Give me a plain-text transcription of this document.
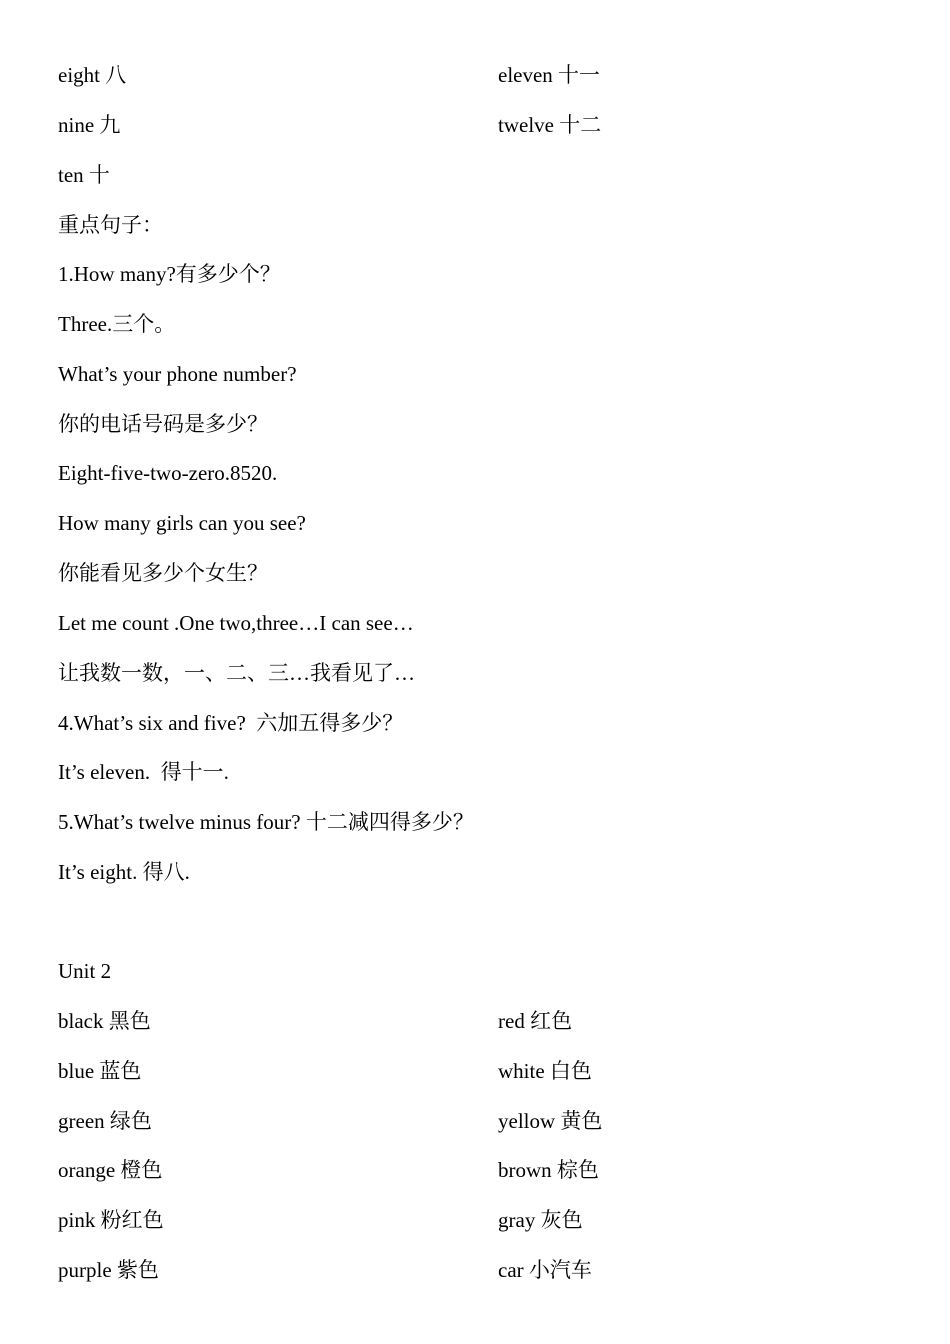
eight 八	eleven 十一
nine 九	twelve 十二
ten 十
重点句子：
1.How many?有多少个？
Three.三个。
What’s your phone number?
你的电话号码是多少？
Eight-five-two-zero.8520.
How many girls can you see?
你能看见多少个女生？
Let me count .One two,three…I can see…
让我数一数，一、二、三…我看见了…
4.What’s six and five?  六加五得多少？
It’s eleven.  得十一.
5.What’s twelve minus four? 十二减四得多少？
It’s eight. 得八.
Unit 2
black 黑色	red 红色
blue 蓝色	white 白色
green 绿色	yellow 黄色
orange 橙色	brown 棕色
pink 粉红色	gray 灰色
purple 紫色	car 小汽车
